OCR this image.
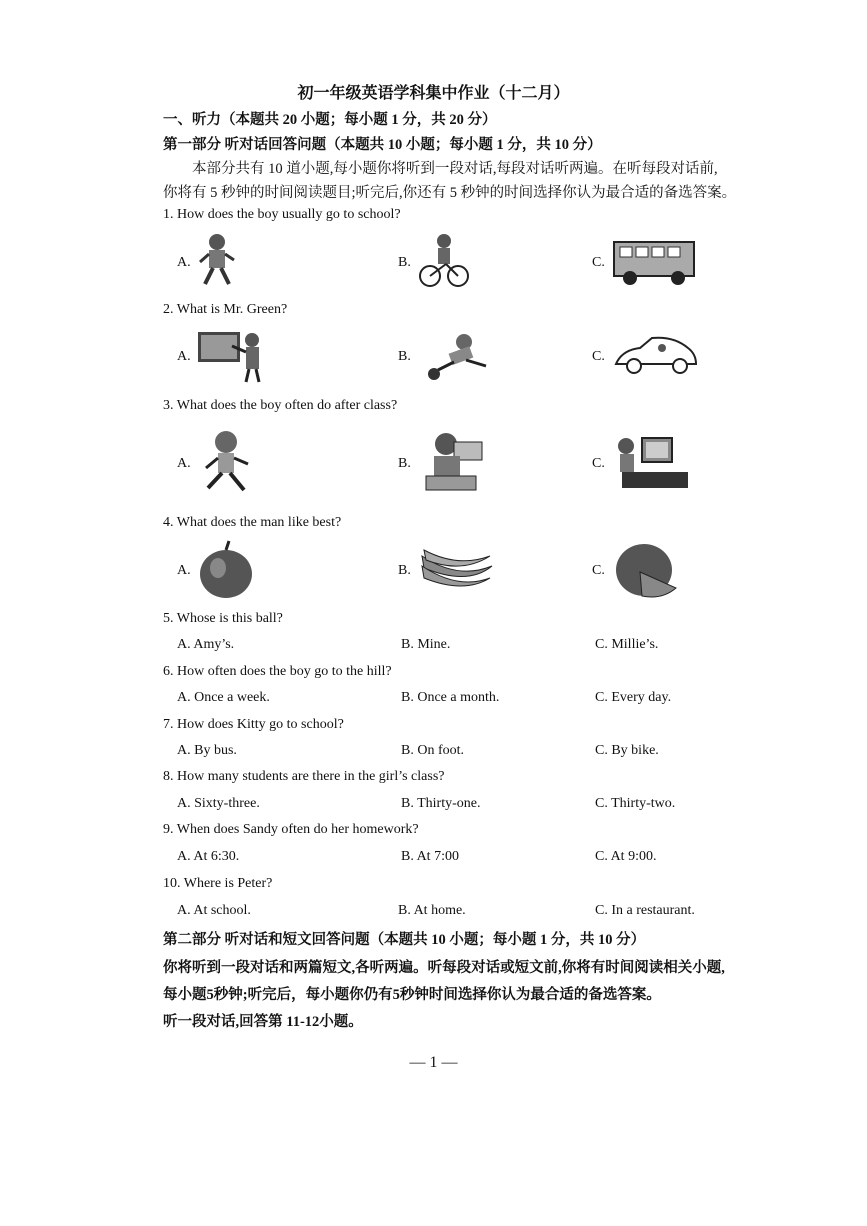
初一年级英语学科集中作业（十二月）
一、听力（本题共 20 小题；每小题 1 分，共 20 分）
第一部分 听对话回答问题（本题共 10 小题；每小题 1 分，共 10 分）
本部分共有 10 道小题,每小题你将听到一段对话,每段对话听两遍。在听每段对话前,
你将有 5 秒钟的时间阅读题目;听完后,你还有 5 秒钟的时间选择你认为最合适的备选答案。
1. How does the boy usually go to school?
A.	B.	C.
2. What is Mr. Green?
A.	B.	C.
3. What does the boy often do after class?
A.	B.	C.
4. What does the man like best?
A.	B.	C.
5. Whose is this ball?
A. Amy’s.	B. Mine.	C. Millie’s.
6. How often does the boy go to the hill?
A. Once a week.	B. Once a month.	C. Every day.
7. How does Kitty go to school?
A. By bus.	B. On foot.	C. By bike.
8. How many students are there in the girl’s class?
A. Sixty-three.	B. Thirty-one.	C. Thirty-two.
9. When does Sandy often do her homework?
A. At 6:30.	B. At 7:00	C. At 9:00.
10. Where is Peter?
A. At school.	B. At home.	C. In a restaurant.
第二部分 听对话和短文回答问题（本题共 10 小题；每小题 1 分，共 10 分）
你将听到一段对话和两篇短文,各听两遍。听每段对话或短文前,你将有时间阅读相关小题,
每小题5秒钟;听完后，每小题你仍有5秒钟时间选择你认为最合适的备选答案。
听一段对话,回答第 11-12小题。
— 1 —
